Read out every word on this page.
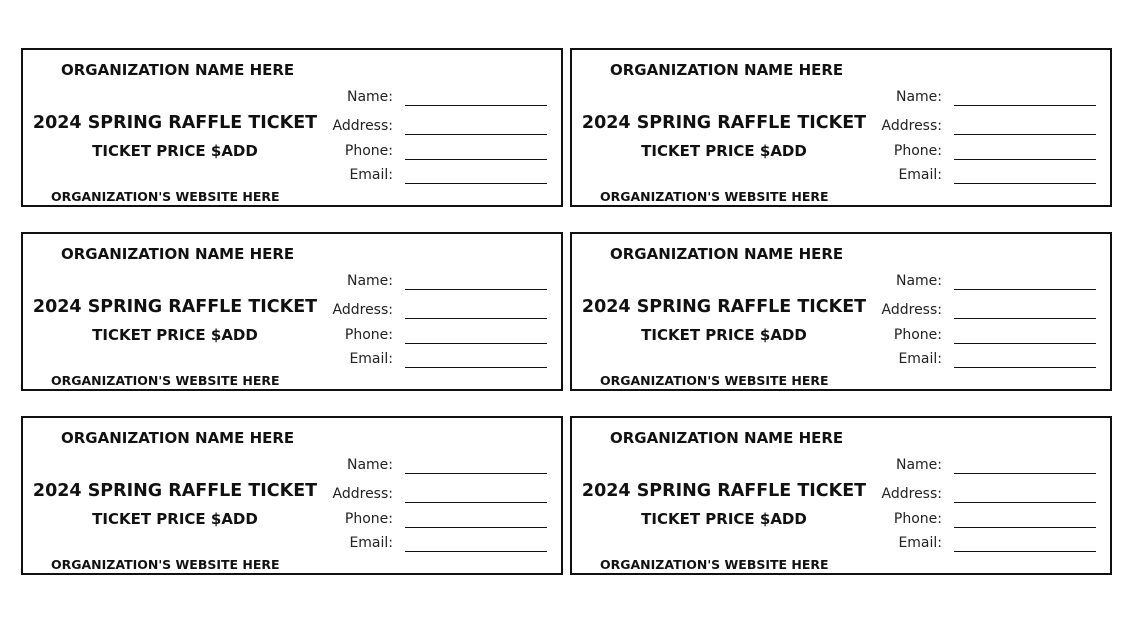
ORGANIZATION NAME HERE
2024 SPRING RAFFLE TICKET
TICKET PRICE $ADD
ORGANIZATION'S WEBSITE HERE
Name:
Address:
Phone:
Email:
ORGANIZATION NAME HERE
2024 SPRING RAFFLE TICKET
TICKET PRICE $ADD
ORGANIZATION'S WEBSITE HERE
Name:
Address:
Phone:
Email:
ORGANIZATION NAME HERE
2024 SPRING RAFFLE TICKET
TICKET PRICE $ADD
ORGANIZATION'S WEBSITE HERE
Name:
Address:
Phone:
Email:
ORGANIZATION NAME HERE
2024 SPRING RAFFLE TICKET
TICKET PRICE $ADD
ORGANIZATION'S WEBSITE HERE
Name:
Address:
Phone:
Email:
ORGANIZATION NAME HERE
2024 SPRING RAFFLE TICKET
TICKET PRICE $ADD
ORGANIZATION'S WEBSITE HERE
Name:
Address:
Phone:
Email:
ORGANIZATION NAME HERE
2024 SPRING RAFFLE TICKET
TICKET PRICE $ADD
ORGANIZATION'S WEBSITE HERE
Name:
Address:
Phone:
Email:
